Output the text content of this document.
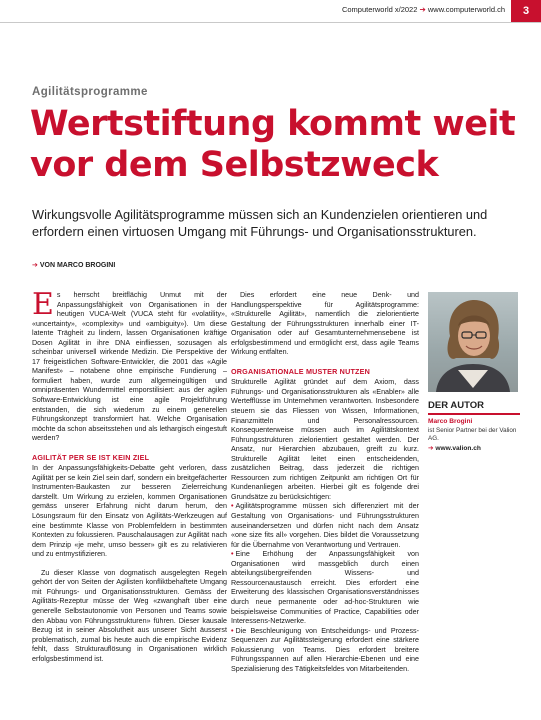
Computerworld x/2022 ➔ www.computerworld.ch	3
Agilitätsprogramme
Wertstiftung kommt weit vor dem Selbstzweck

Wirkungsvolle Agilitätsprogramme müssen sich an Kundenzielen orientieren und erfordern einen virtuosen Umgang mit Führungs- und Organisationsstrukturen.

➔ VON MARCO BROGINI

Es herrscht breitflächig Unmut mit der Anpassungsfähigkeit von Organisationen in der heutigen VUCA-Welt (VUCA steht für «volatility», «uncertainty», «complexity» und «ambiguity»). Um diese latente Trägheit zu lindern, lassen Organisationen kräftige Dosen Agilität in ihre DNA einfliessen, sozusagen als scheinbar universell wirkende Medizin. Die Perspektive der 17 freigeistlichen Software-Entwickler, die 2001 das «Agile Manifest» – notabene ohne empirische Fundierung – formuliert haben, wurde zum allgemeingültigen und omnipräsenten Wundermittel emporstilisiert: aus der agilen Software-Entwicklung ist eine agile Projektführung entstanden, die sich wiederum zu einem generellen Führungskonzept transformiert hat. Welche Organisation möchte da schon abseitsstehen und als lethargisch eingestuft werden?

AGILITÄT PER SE IST KEIN ZIEL

In der Anpassungsfähigkeits-Debatte geht verloren, dass Agilität per se kein Ziel sein darf, sondern ein breitgefächerter Instrumenten-Baukasten zur besseren Zielerreichung darstellt. Um Wirkung zu erzielen, kommen Organisationen gemäss unserer Erfahrung nicht darum herum, den Lösungsraum für den Einsatz von Agilitäts-Werkzeugen auf eine bestimmte Klasse von Problemfeldern in bestimmten Kontexten zu fokussieren. Pauschalausagen zur Agilität nach dem Prinzip «je mehr, umso besser» gilt es zu relativieren und zu entmystifizieren.

Zu dieser Klasse von dogmatisch ausgelegten Regeln gehört der von Seiten der Agilisten konfliktbehaftete Umgang mit Führungs- und Organisationsstrukturen. Gemäss der Agilitäts-Rezeptur müsse der Weg «zwanghaft über eine generelle Selbstautonomie von Personen und Teams sowie den Abbau von Führungsstrukturen» führen. Dieser kausale Bezug ist in seiner Absolutheit aus unserer Sicht äusserst problematisch, zumal bis heute auch die empirische Evidenz fehlt, dass Strukturauflösung in Organisationen wirklich erfolgsbestimmend ist.

Dies erfordert eine neue Denk- und Handlungsperspektive für Agilitätsprogramme: «Strukturelle Agilität», namentlich die zielorientierte Gestaltung der Führungsstrukturen innerhalb einer IT-Organisation oder auf Gesamtunternehmensebene ist erfolgsbestimmend und ermöglicht erst, dass agile Teams Wirkung entfalten.

ORGANISATIONALE MUSTER NUTZEN

Strukturelle Agilität gründet auf dem Axiom, dass Führungs- und Organisationsstrukturen als «Enabler» alle Wertefflüsse im Unternehmen verantworten. Insbesondere steuern sie das Fliessen von Wissen, Informationen, Finanzmitteln und Personalressourcen. Konsequenterweise müssen auch im Agilitätskontext Führungsstrukturen zielorientiert gestaltet werden. Der Ansatz, nur Hierarchien abzubauen, greift zu kurz. Strukturelle Agilität leitet einen entscheidenden, zusätzlichen Beitrag, dass jederzeit die richtigen Ressourcen zum richtigen Zeitpunkt am richtigen Ort für Kundenanliegen arbeiten. Hierbei gilt es folgende drei Grundsätze zu berücksichtigen:

• Agilitätsprogramme müssen sich differenziert mit der Gestaltung von Organisations- und Führungsstrukturen auseinandersetzen und dürfen nicht nach dem Ansatz «one size fits all» vorgehen. Dies bildet die Voraussetzung für die Übernahme von Verantwortung und Vertrauen.
• Eine Erhöhung der Anpassungsfähigkeit von Organisationen wird massgeblich durch einen abteilungsübergreifenden Wissens- und Ressourcenaustausch erreicht. Dies erfordert eine Erweiterung des klassischen Organisationsverständnisses durch neue permanente oder ad-hoc-Strukturen wie beispielsweise Communities of Practice, Capabilities oder Interessens-Netzwerke.
• Die Beschleunigung von Entscheidungs- und Prozess-Sequenzen zur Agilitätssteigerung erfordert eine stärkere Fokussierung von Teams. Dies erfordert breitere Führungsspannen auf allen Hierarchie-Ebenen und eine Spezialisierung des Tätigkeitsfeldes von Mitarbeitenden.
DER AUTOR
Marco Brogini
ist Senior Partner bei der Valion AG.
➔ www.valion.ch
